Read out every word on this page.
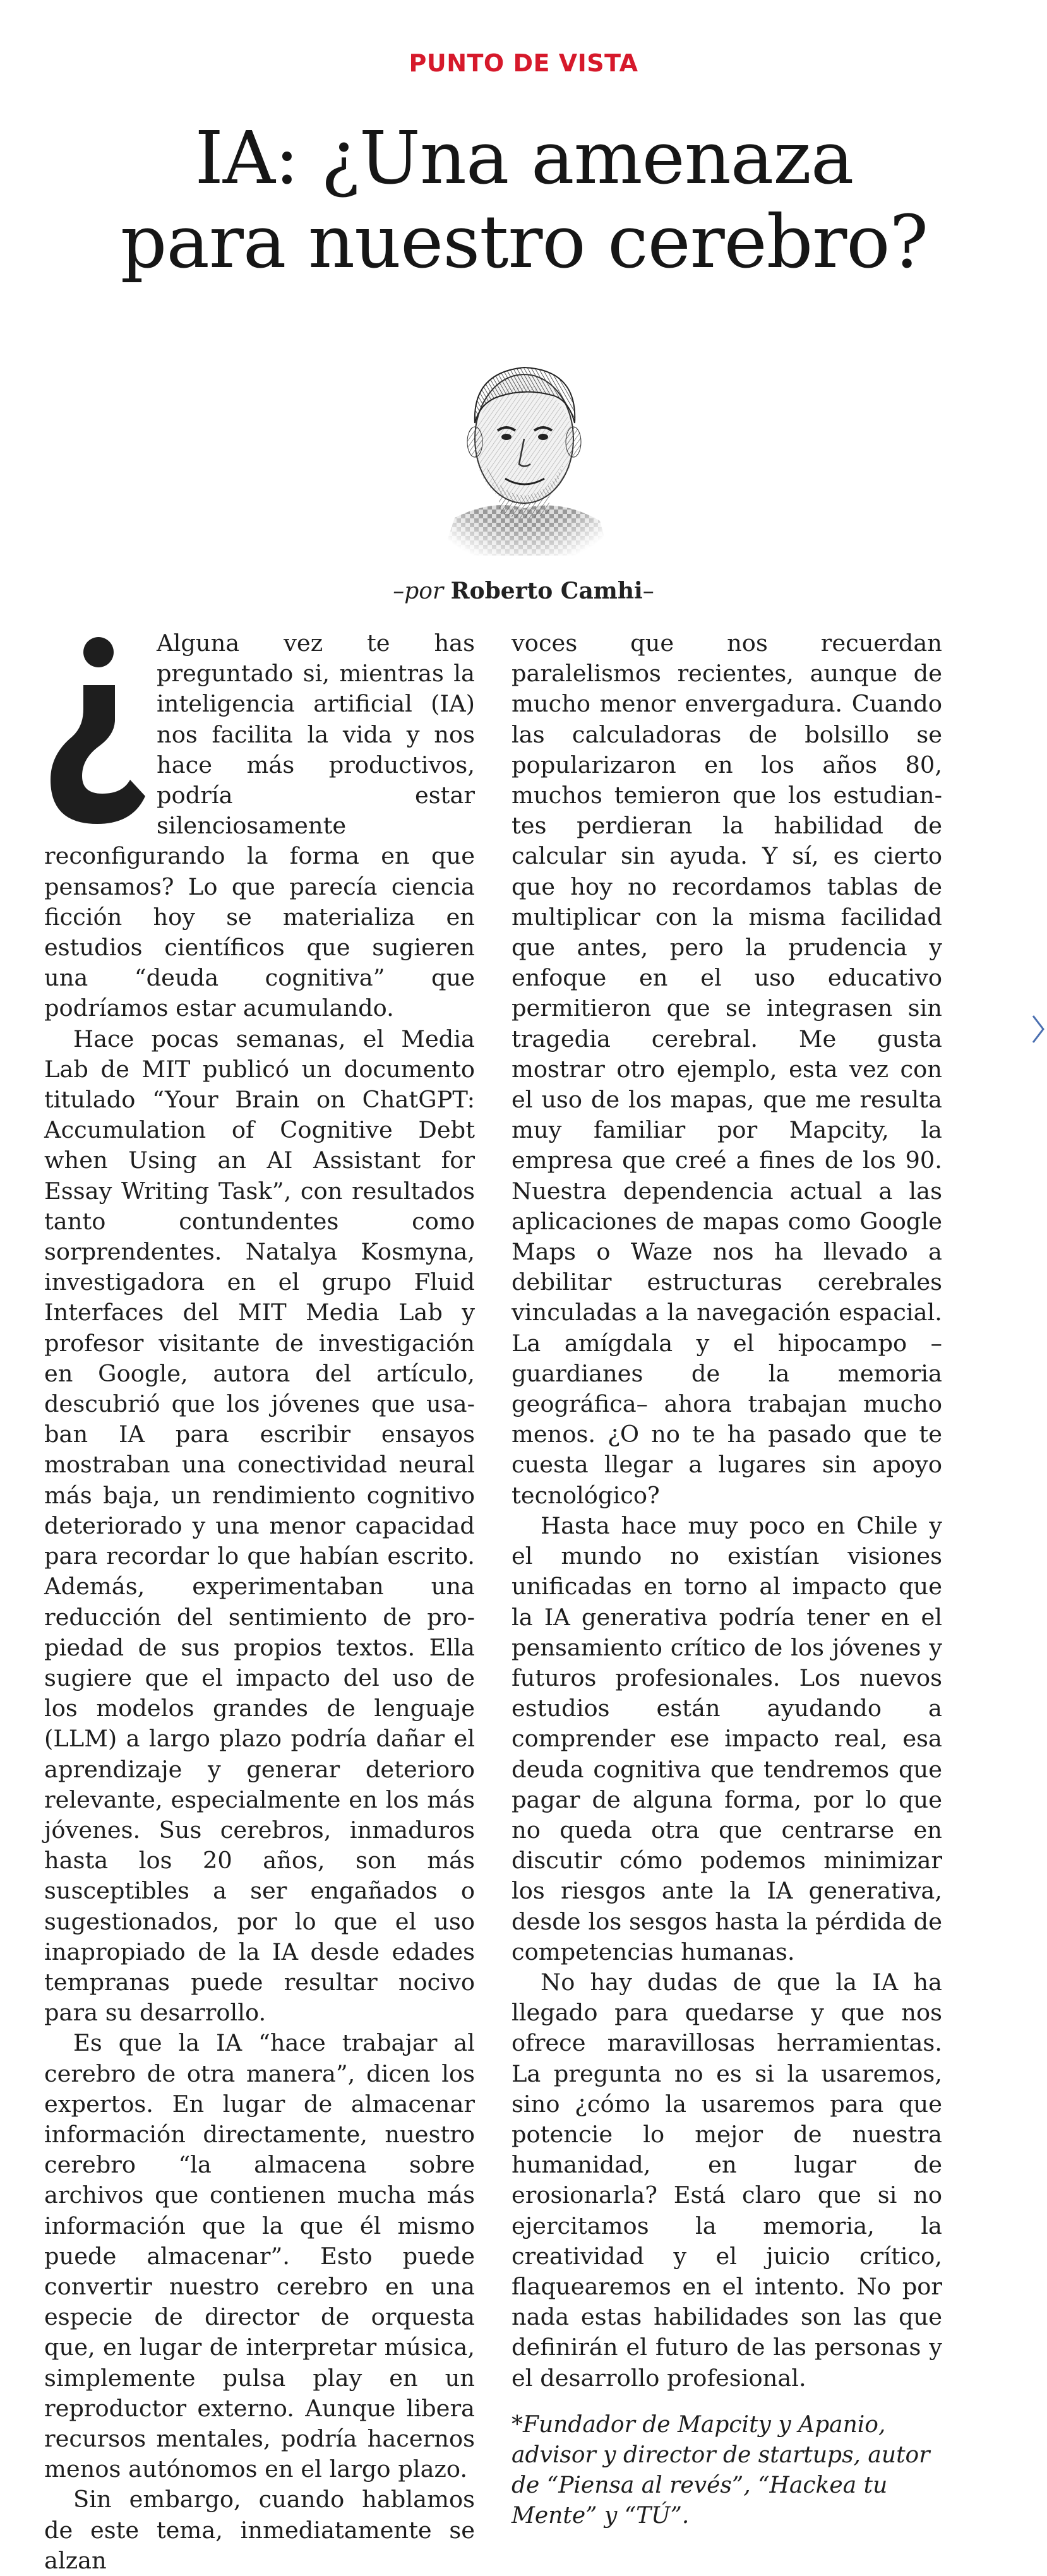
PUNTO DE VISTA
IA: ¿Una amenaza
para nuestro cerebro?
–por Roberto Camhi–

Alguna vez te has preguntado si, mientras la inteligencia artificial (IA) nos facilita la vida y nos hace más productivos, podría estar silenciosamente reconfigurando la forma en que pensamos? Lo que parecía ciencia ficción hoy se materializa en estudios científicos que sugieren una “deuda cognitiva” que podríamos estar acumulando.

Hace pocas semanas, el Media Lab de MIT publicó un documento titulado “Your Brain on ChatGPT: Accumulation of Cognitive Debt when Using an AI Assistant for Essay Writing Task”, con resultados tanto contundentes como sorprendentes. Natalya Kosmyna, investigadora en el grupo Fluid Interfaces del MIT Media Lab y profesor visitante de investigación en Google, autora del artículo, descubrió que los jóvenes que usaban IA para escribir ensayos mostraban una conectividad neural más baja, un rendimiento cognitivo deteriorado y una menor capacidad para recordar lo que habían escrito. Además, experimentaban una reducción del sentimiento de propiedad de sus propios textos. Ella sugiere que el impacto del uso de los modelos grandes de lenguaje (LLM) a largo plazo podría dañar el aprendizaje y generar deterioro relevante, especialmente en los más jóvenes. Sus cerebros, inmaduros hasta los 20 años, son más susceptibles a ser engañados o sugestionados, por lo que el uso inapropiado de la IA desde edades tempranas puede resultar nocivo para su desarrollo.

Es que la IA “hace trabajar al cerebro de otra manera”, dicen los expertos. En lugar de almacenar información directamente, nuestro cerebro “la almacena sobre archivos que contienen mucha más información que la que él mismo puede almacenar”. Esto puede convertir nuestro cerebro en una especie de director de orquesta que, en lugar de interpretar música, simplemente pulsa play en un reproductor externo. Aunque libera recursos mentales, podría hacernos menos autónomos en el largo plazo.

Sin embargo, cuando hablamos de este tema, inmediatamente se alzan

voces que nos recuerdan paralelismos recientes, aunque de mucho menor envergadura. Cuando las calculadoras de bolsillo se popularizaron en los años 80, muchos temieron que los estudiantes perdieran la habilidad de calcular sin ayuda. Y sí, es cierto que hoy no recordamos tablas de multiplicar con la misma facilidad que antes, pero la prudencia y enfoque en el uso educativo permitieron que se integrasen sin tragedia cerebral. Me gusta mostrar otro ejemplo, esta vez con el uso de los mapas, que me resulta muy familiar por Mapcity, la empresa que creé a fines de los 90. Nuestra dependencia actual a las aplicaciones de mapas como Google Maps o Waze nos ha llevado a debilitar estructuras cerebrales vinculadas a la navegación espacial. La amígdala y el hipocampo –guardianes de la memoria geográfica– ahora trabajan mucho menos. ¿O no te ha pasado que te cuesta llegar a lugares sin apoyo tecnológico?

Hasta hace muy poco en Chile y el mundo no existían visiones unificadas en torno al impacto que la IA generativa podría tener en el pensamiento crítico de los jóvenes y futuros profesionales. Los nuevos estudios están ayudando a comprender ese impacto real, esa deuda cognitiva que tendremos que pagar de alguna forma, por lo que no queda otra que centrarse en discutir cómo podemos minimizar los riesgos ante la IA generativa, desde los sesgos hasta la pérdida de competencias humanas.

No hay dudas de que la IA ha llegado para quedarse y que nos ofrece maravillosas herramientas. La pregunta no es si la usaremos, sino ¿cómo la usaremos para que potencie lo mejor de nuestra humanidad, en lugar de erosionarla? Está claro que si no ejercitamos la memoria, la creatividad y el juicio crítico, flaquearemos en el intento. No por nada estas habilidades son las que definirán el futuro de las personas y el desarrollo profesional.

*Fundador de Mapcity y Apanio, advisor y director de startups, autor de “Piensa al revés”, “Hackea tu Mente” y “TÚ”.
